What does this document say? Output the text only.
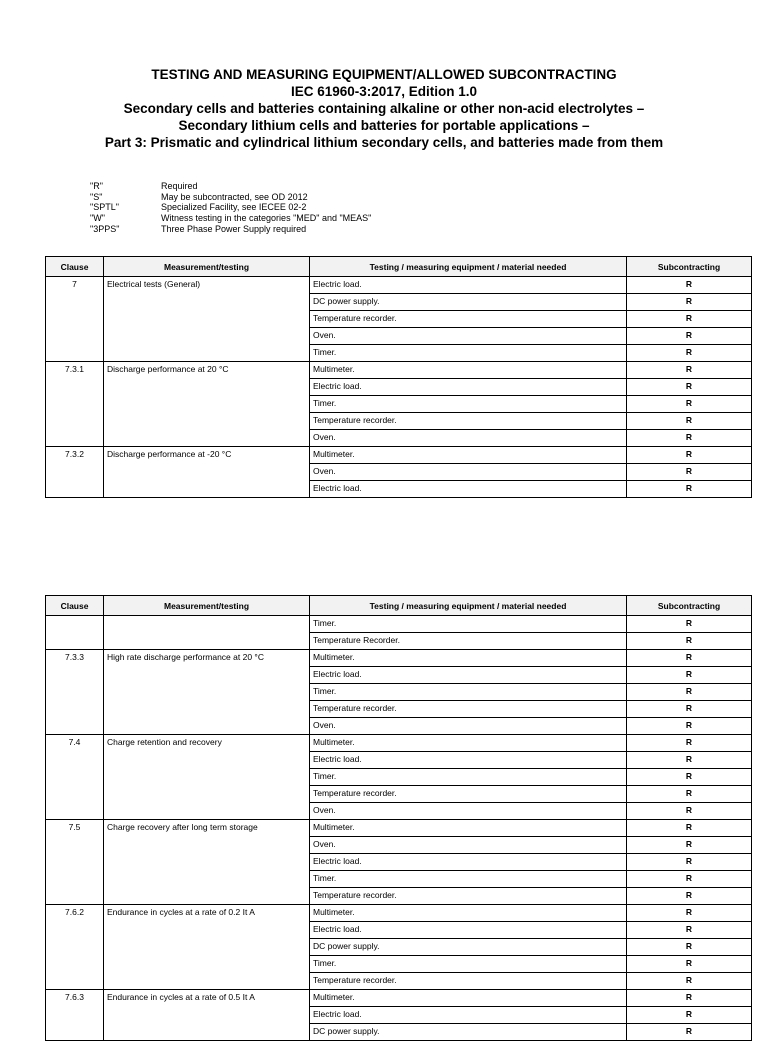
TESTING AND MEASURING EQUIPMENT/ALLOWED SUBCONTRACTING
IEC 61960-3:2017, Edition 1.0
Secondary cells and batteries containing alkaline or other non-acid electrolytes –
Secondary lithium cells and batteries for portable applications –
Part 3: Prismatic and cylindrical lithium secondary cells, and batteries made from them
"R"	Required
"S"	May be subcontracted, see OD 2012
"SPTL"	Specialized Facility, see IECEE 02-2
"W"	Witness testing in the categories "MED" and "MEAS"
"3PPS"	Three Phase Power Supply required
Clause	Measurement/testing	Testing / measuring equipment / material needed	Subcontracting
7	Electrical tests (General)	Electric load.	R
		DC power supply.	R
		Temperature recorder.	R
		Oven.	R
		Timer.	R
7.3.1	Discharge performance at 20 °C	Multimeter.	R
		Electric load.	R
		Timer.	R
		Temperature recorder.	R
		Oven.	R
7.3.2	Discharge performance at -20 °C	Multimeter.	R
		Oven.	R
		Electric load.	R
Clause	Measurement/testing	Testing / measuring equipment / material needed	Subcontracting
		Timer.	R
		Temperature Recorder.	R
7.3.3	High rate discharge performance at 20 °C	Multimeter.	R
		Electric load.	R
		Timer.	R
		Temperature recorder.	R
		Oven.	R
7.4	Charge retention and recovery	Multimeter.	R
		Electric load.	R
		Timer.	R
		Temperature recorder.	R
		Oven.	R
7.5	Charge recovery after long term storage	Multimeter.	R
		Oven.	R
		Electric load.	R
		Timer.	R
		Temperature recorder.	R
7.6.2	Endurance in cycles at a rate of 0.2 It A	Multimeter.	R
		Electric load.	R
		DC power supply.	R
		Timer.	R
		Temperature recorder.	R
7.6.3	Endurance in cycles at a rate of 0.5 It A	Multimeter.	R
		Electric load.	R
		DC power supply.	R
